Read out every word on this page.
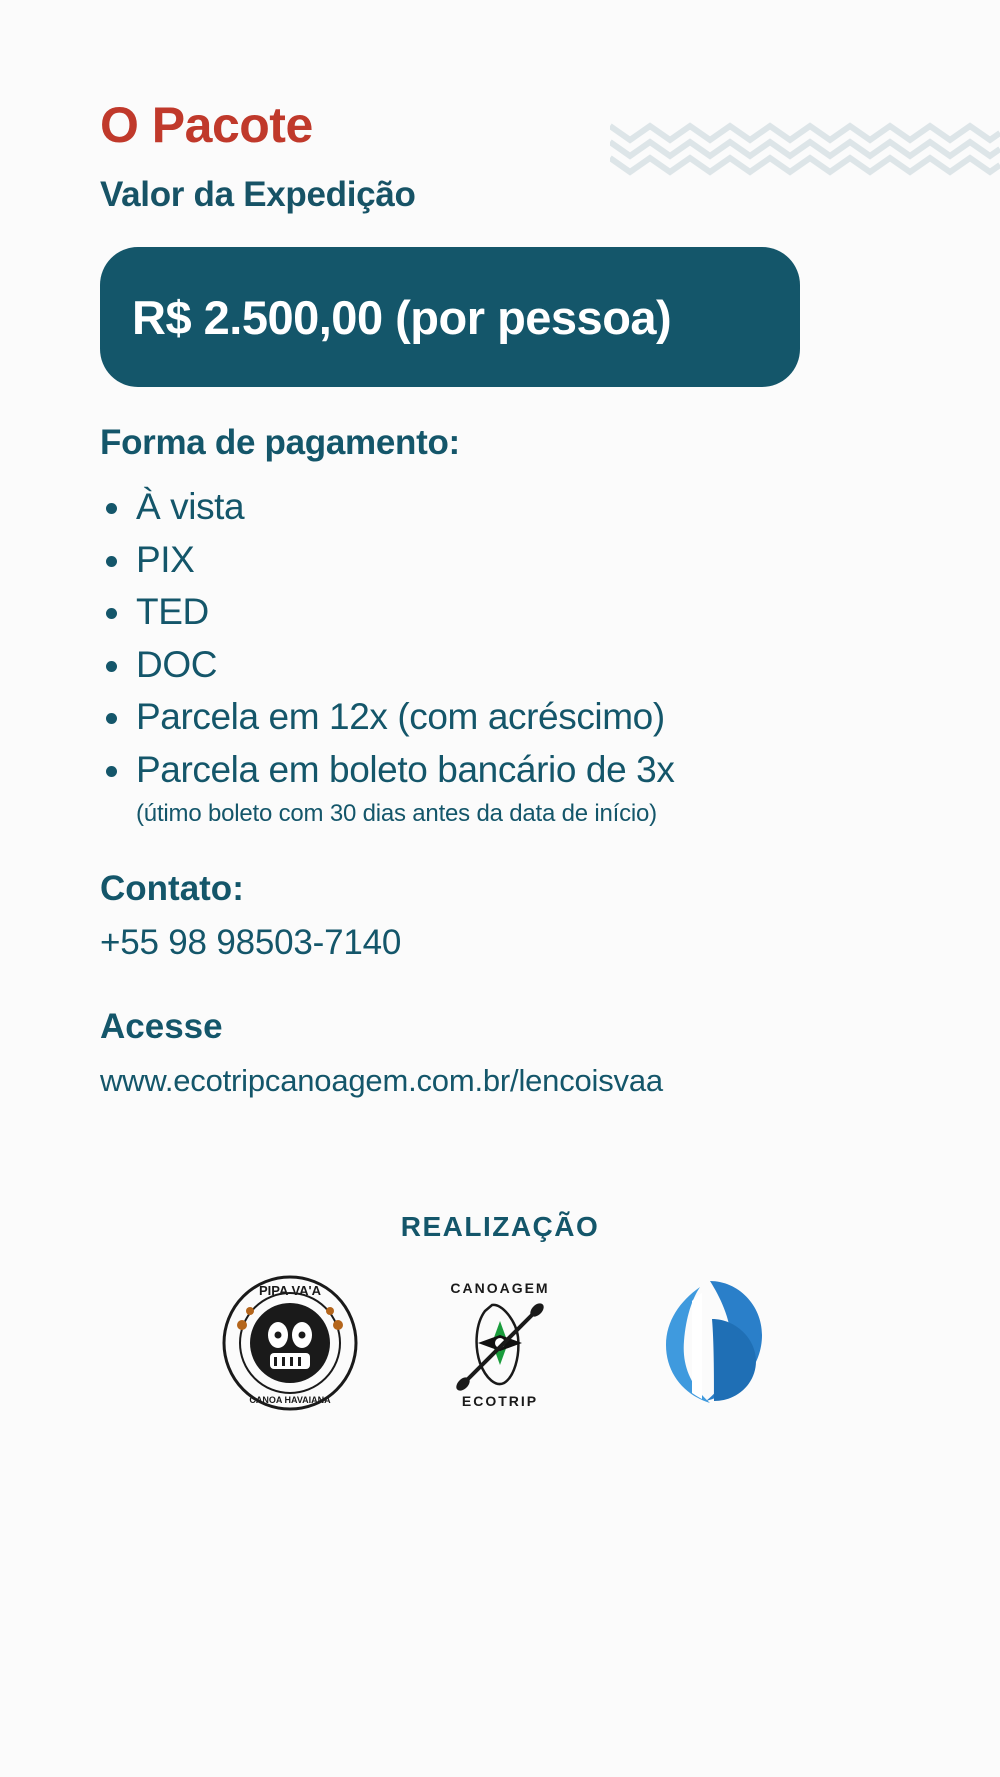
O Pacote
Valor da Expedição
R$ 2.500,00 (por pessoa)
Forma de pagamento:
À vista
PIX
TED
DOC
Parcela em 12x (com acréscimo)
Parcela em boleto bancário de 3x
(útimo boleto com 30 dias antes da data de início)
Contato:

+55 98 98503-7140

Acesse

www.ecotripcanoagem.com.br/lencoisvaa

REALIZAÇÃO
PIPA VA'A
CANOA HAVAIANA
CANOAGEM
ECOTRIP
